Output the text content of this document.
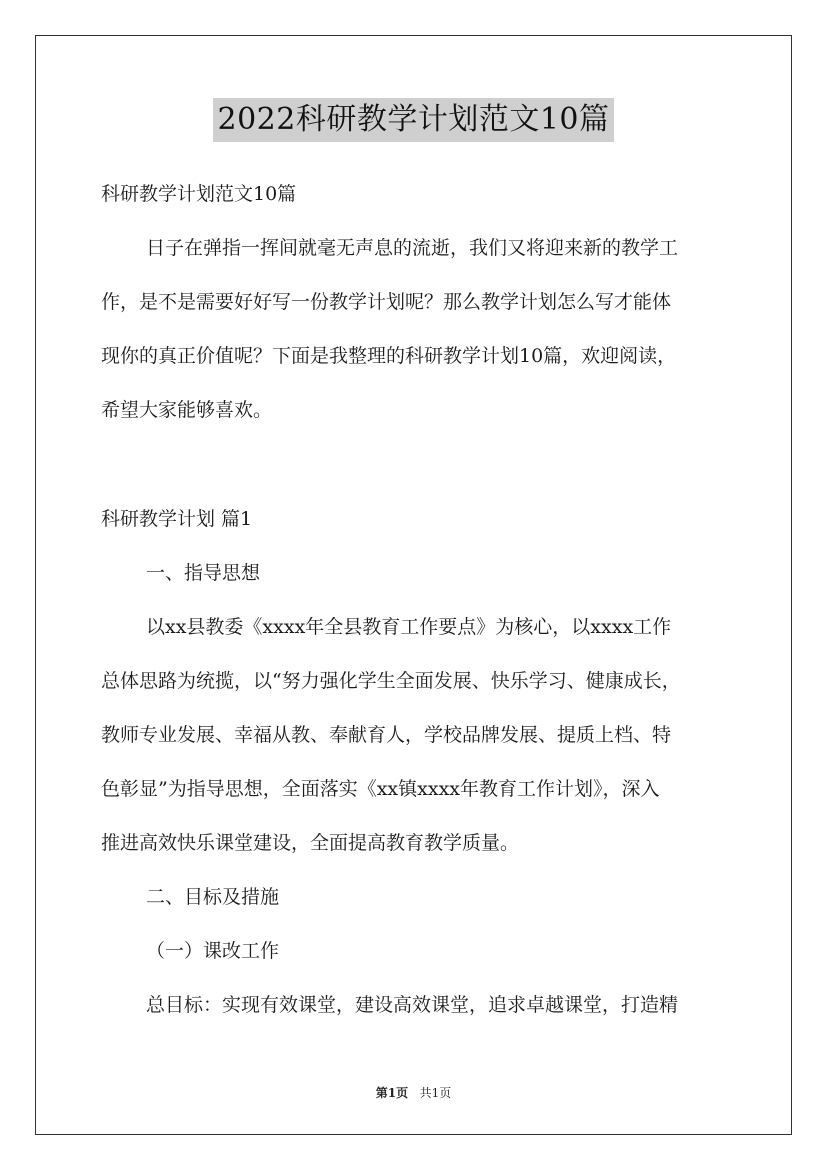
2022科研教学计划范文10篇
科研教学计划范文10篇
日子在弹指一挥间就毫无声息的流逝，我们又将迎来新的教学工
作，是不是需要好好写一份教学计划呢？那么教学计划怎么写才能体
现你的真正价值呢？下面是我整理的科研教学计划10篇，欢迎阅读，
希望大家能够喜欢。
科研教学计划 篇1
一、指导思想
以xx县教委《xxxx年全县教育工作要点》为核心，以xxxx工作
总体思路为统揽，以“努力强化学生全面发展、快乐学习、健康成长，
教师专业发展、幸福从教、奉献育人，学校品牌发展、提质上档、特
色彰显”为指导思想，全面落实《xx镇xxxx年教育工作计划》，深入
推进高效快乐课堂建设，全面提高教育教学质量。
二、目标及措施
（一）课改工作
总目标：实现有效课堂，建设高效课堂，追求卓越课堂，打造精
第1页 共1页
